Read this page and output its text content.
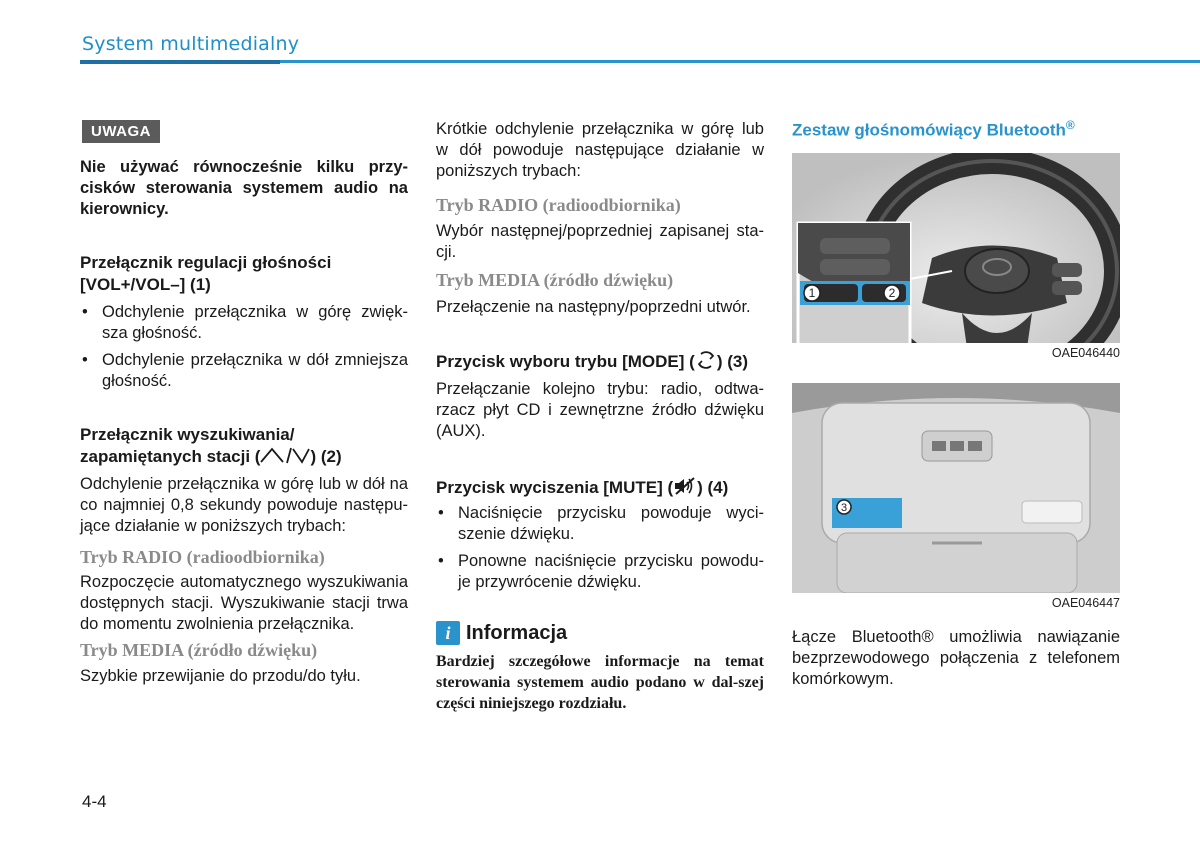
System multimedialny
UWAGA

Nie używać równocześnie kilku przy-cisków sterowania systemem audio na kierownicy.

Przełącznik regulacji głośności

[VOL+/VOL–] (1)

• Odchylenie przełącznika w górę zwięk-sza głośność.
• Odchylenie przełącznika w dół zmniejsza głośność.

Przełącznik wyszukiwania/

zapamiętanych stacji (	) (2)

Odchylenie przełącznika w górę lub w dół na co najmniej 0,8 sekundy powoduje następu-jące działanie w poniższych trybach:

Tryb RADIO (radioodbiornika)

Rozpoczęcie automatycznego wyszukiwania dostępnych stacji. Wyszukiwanie stacji trwa do momentu zwolnienia przełącznika.

Tryb MEDIA (źródło dźwięku)

Szybkie przewijanie do przodu/do tyłu.

Krótkie odchylenie przełącznika w górę lub w dół powoduje następujące działanie w poniższych trybach:

Tryb RADIO (radioodbiornika)

Wybór następnej/poprzedniej zapisanej sta-cji.

Tryb MEDIA (źródło dźwięku)

Przełączenie na następny/poprzedni utwór.

Przycisk wyboru trybu [MODE] ( ) (3)

Przełączanie kolejno trybu: radio, odtwa-rzacz płyt CD i zewnętrzne źródło dźwięku (AUX).

Przycisk wyciszenia [MUTE] ( ) (4)

• Naciśnięcie przycisku powoduje wyci-szenie dźwięku.
• Ponowne naciśnięcie przycisku powodu-je przywrócenie dźwięku.
i Informacja

Bardziej szczegółowe informacje na temat sterowania systemem audio podano w dal-szej części niniejszego rozdziału.

Zestaw głośnomówiący Bluetooth®

1	2
OAE046440
3
OAE046447

Łącze Bluetooth® umożliwia nawiązanie bezprzewodowego połączenia z telefonem komórkowym.

4-4
